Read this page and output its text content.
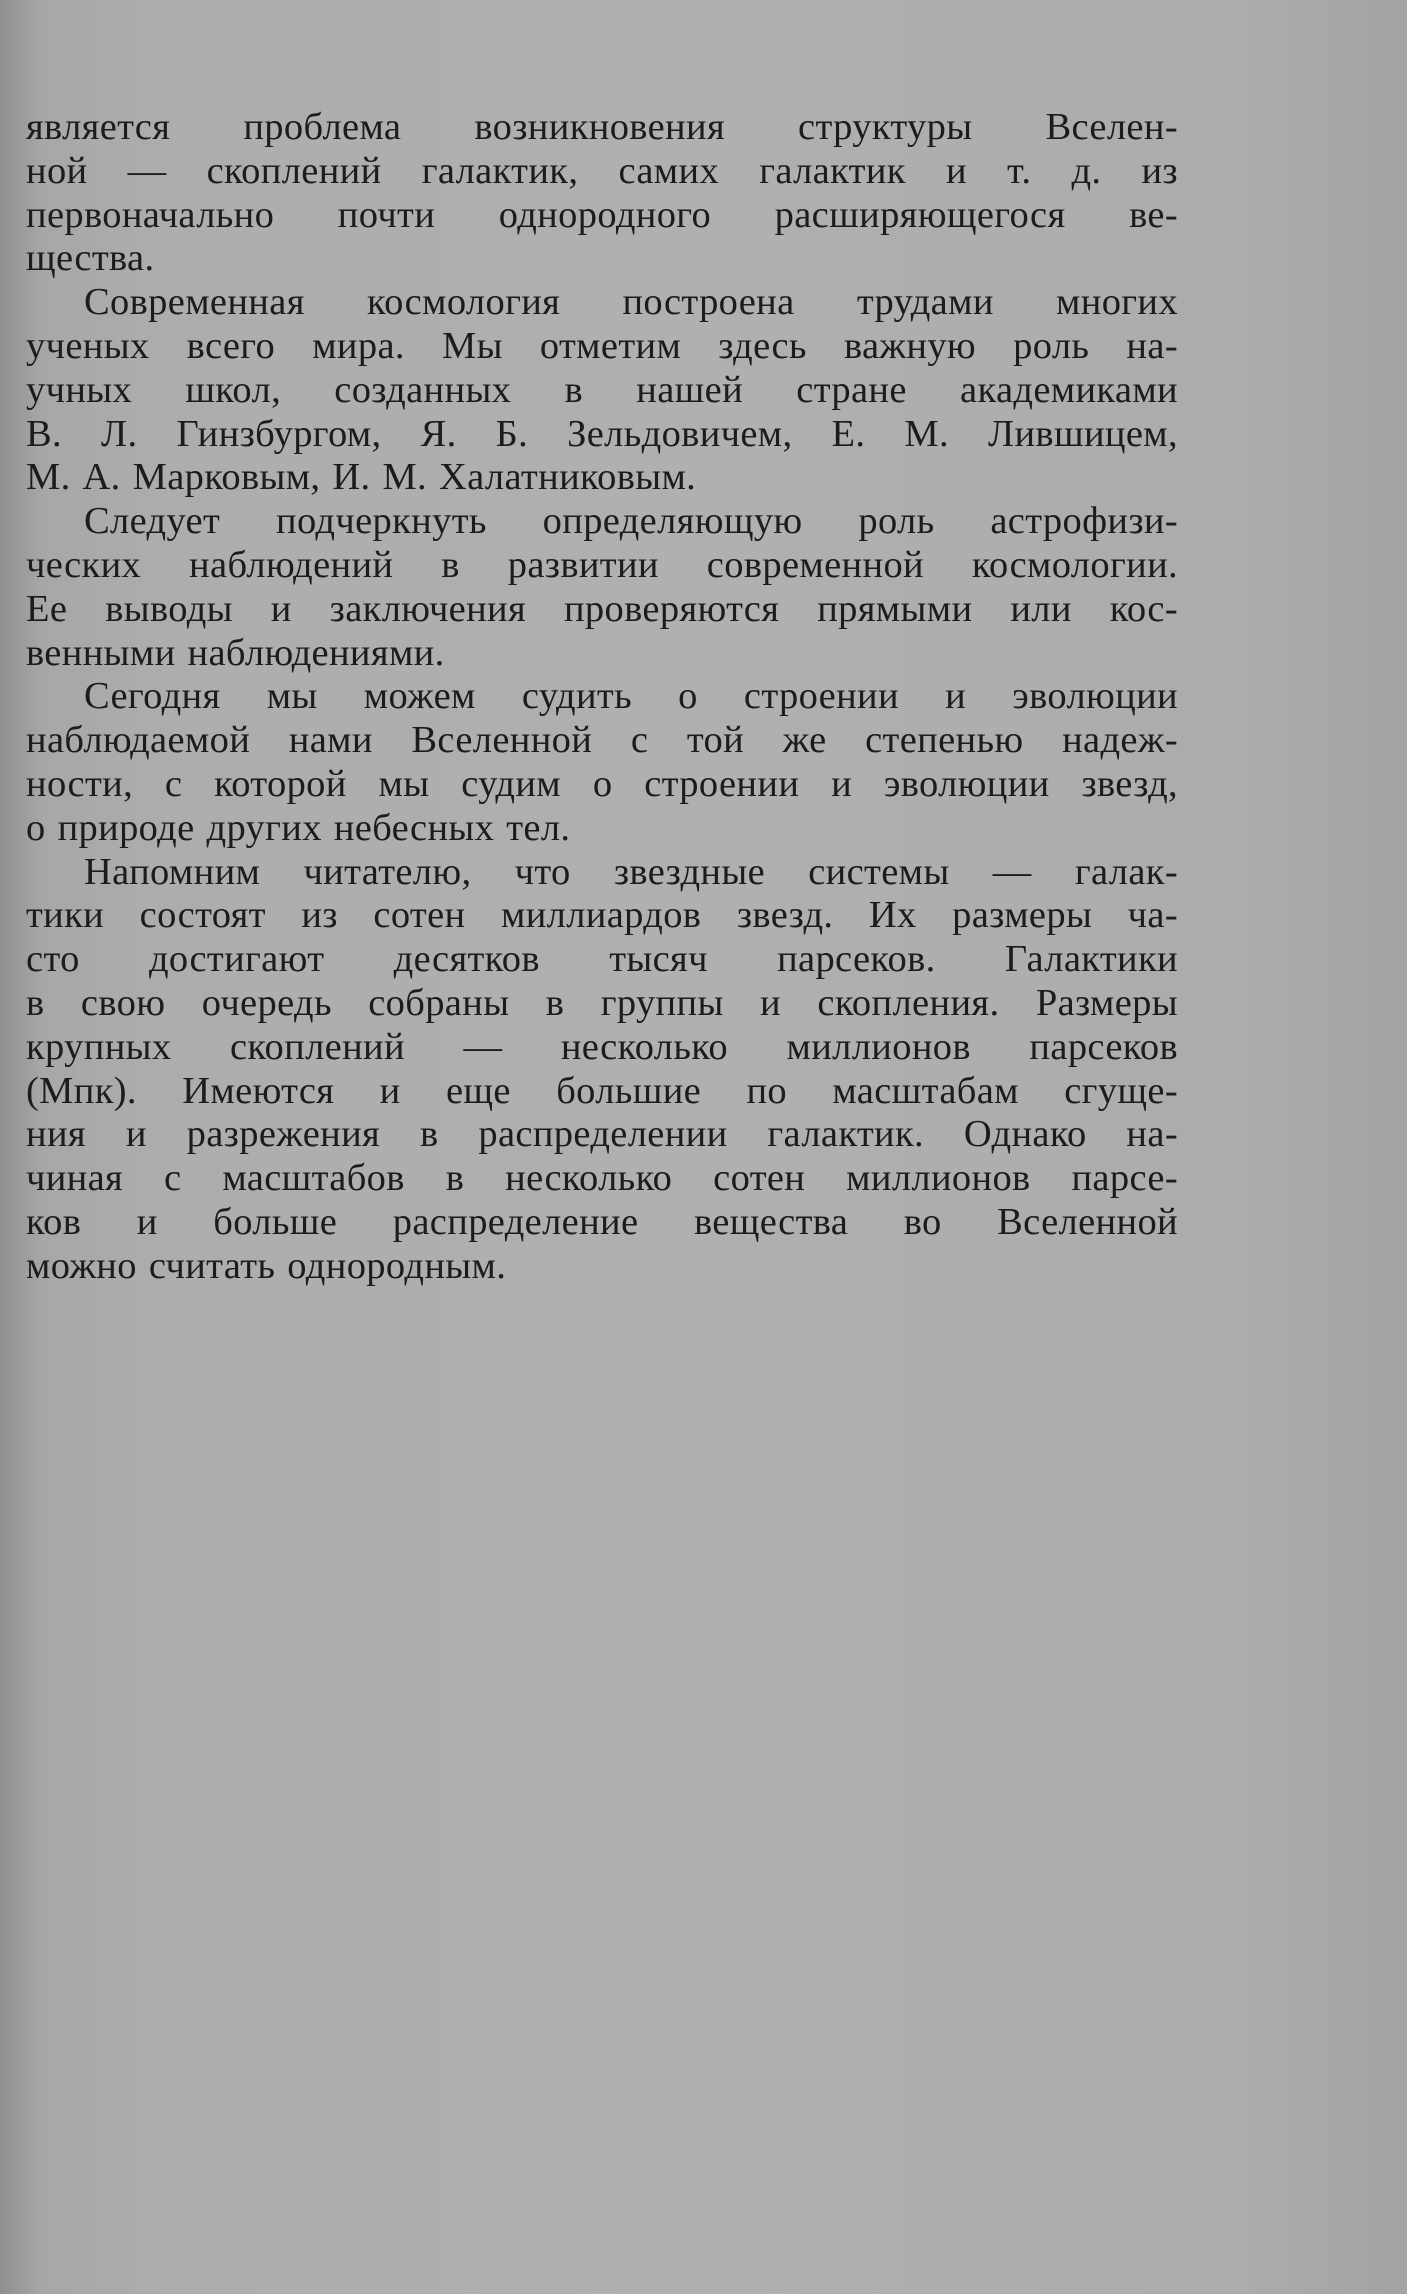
является проблема возникновения структуры Вселен-
ной — скоплений галактик, самих галактик и т. д. из
первоначально почти однородного расширяющегося ве-
щества.

Современная космология построена трудами многих
ученых всего мира. Мы отметим здесь важную роль на-
учных школ, созданных в нашей стране академиками
В. Л. Гинзбургом, Я. Б. Зельдовичем, Е. М. Лившицем,
М. А. Марковым, И. М. Халатниковым.

Следует подчеркнуть определяющую роль астрофизи-
ческих наблюдений в развитии современной космологии.
Ее выводы и заключения проверяются прямыми или кос-
венными наблюдениями.

Сегодня мы можем судить о строении и эволюции
наблюдаемой нами Вселенной с той же степенью надеж-
ности, с которой мы судим о строении и эволюции звезд,
о природе других небесных тел.

Напомним читателю, что звездные системы — галак-
тики состоят из сотен миллиардов звезд. Их размеры ча-
сто достигают десятков тысяч парсеков. Галактики
в свою очередь собраны в группы и скопления. Размеры
крупных скоплений — несколько миллионов парсеков
(Мпк). Имеются и еще большие по масштабам сгуще-
ния и разрежения в распределении галактик. Однако на-
чиная с масштабов в несколько сотен миллионов парсе-
ков и больше распределение вещества во Вселенной
можно считать однородным.
